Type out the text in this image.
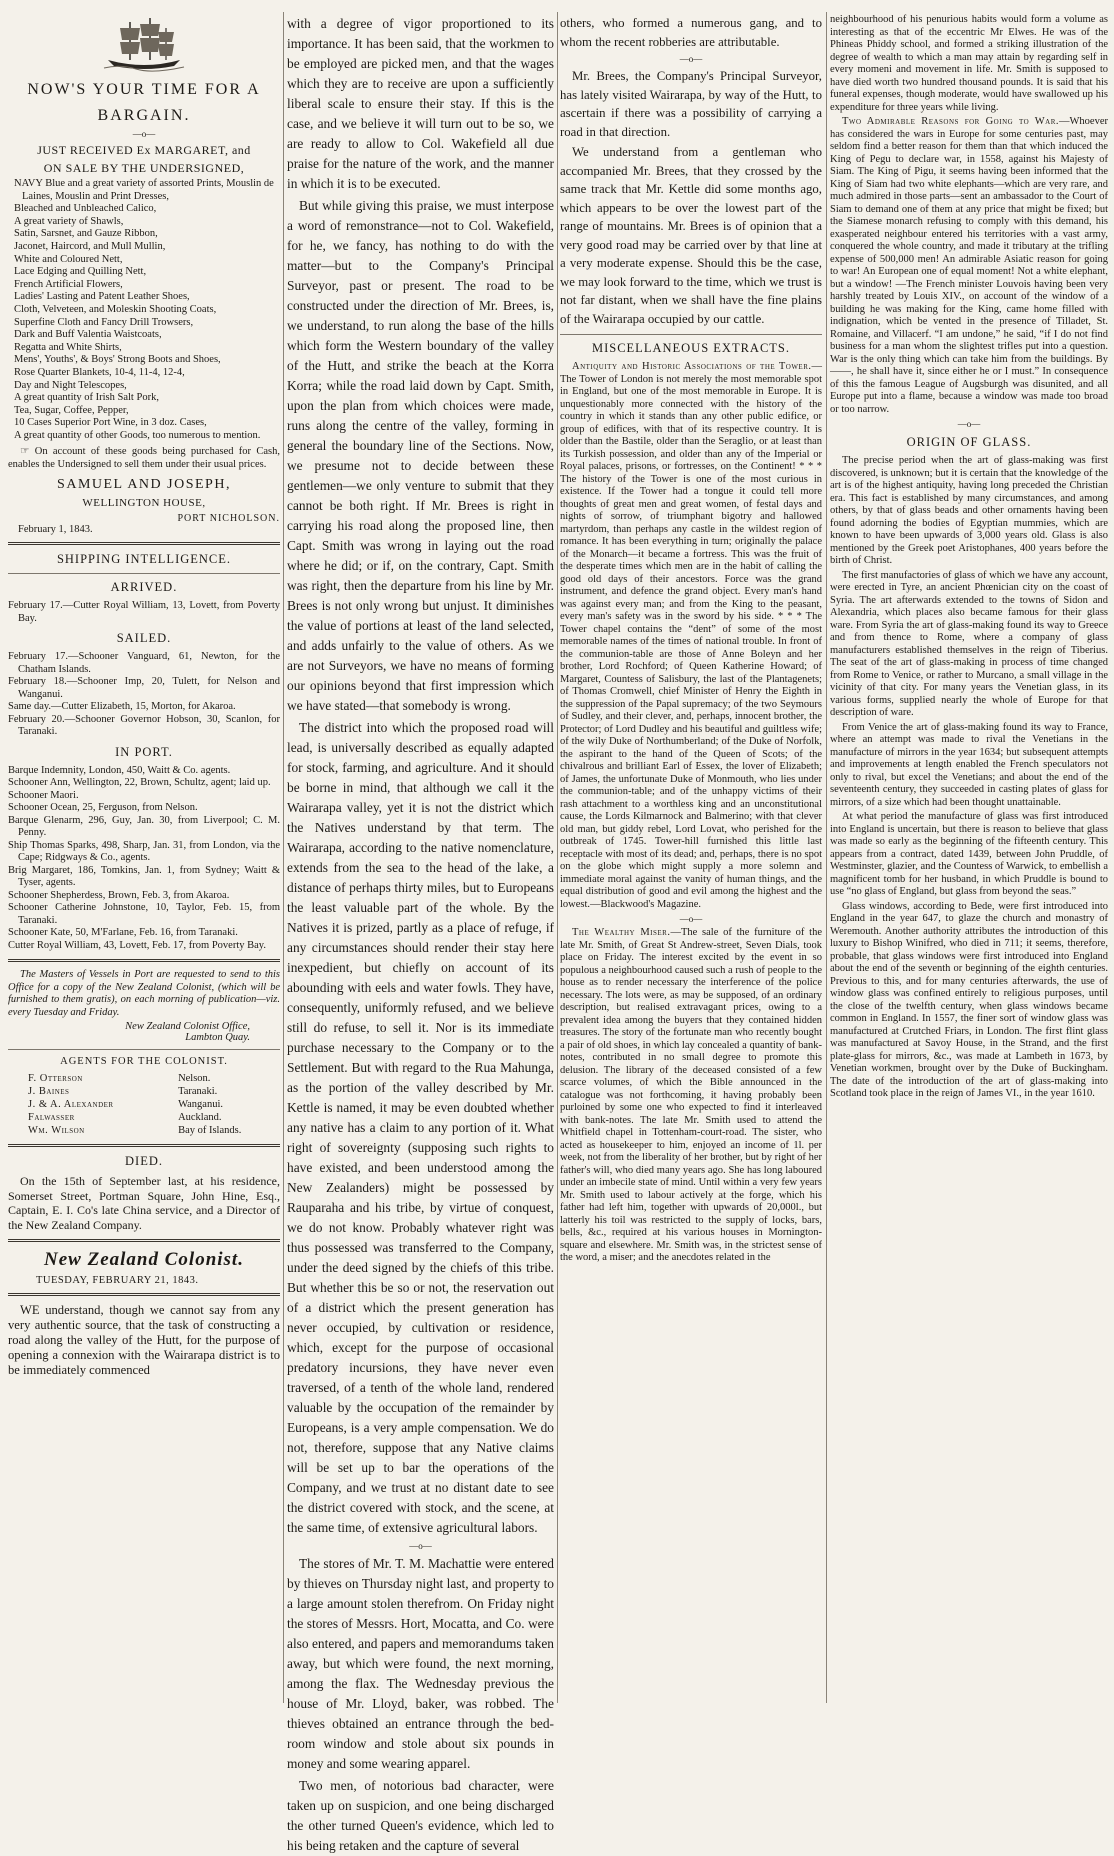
NOW'S YOUR TIME FOR A
BARGAIN.
—o—
JUST RECEIVED Ex MARGARET, and
ON SALE BY THE UNDERSIGNED,
NAVY Blue and a great variety of assorted Prints, Mouslin de Laines, Mouslin and Print Dresses,
Bleached and Unbleached Calico,
A great variety of Shawls,
Satin, Sarsnet, and Gauze Ribbon,
Jaconet, Haircord, and Mull Mullin,
White and Coloured Nett,
Lace Edging and Quilling Nett,
French Artificial Flowers,
Ladies' Lasting and Patent Leather Shoes,
Cloth, Velveteen, and Moleskin Shooting Coats,
Superfine Cloth and Fancy Drill Trowsers,
Dark and Buff Valentia Waistcoats,
Regatta and White Shirts,
Mens', Youths', & Boys' Strong Boots and Shoes,
Rose Quarter Blankets, 10-4, 11-4, 12-4,
Day and Night Telescopes,
A great quantity of Irish Salt Pork,
Tea, Sugar, Coffee, Pepper,
10 Cases Superior Port Wine, in 3 doz. Cases,
A great quantity of other Goods, too numerous to mention.

☞ On account of these goods being purchased for Cash, enables the Undersigned to sell them under their usual prices.

SAMUEL AND JOSEPH,
WELLINGTON HOUSE,
PORT NICHOLSON.
February 1, 1843.
SHIPPING INTELLIGENCE.
ARRIVED.

February 17.—Cutter Royal William, 13, Lovett, from Poverty Bay.

SAILED.

February 17.—Schooner Vanguard, 61, Newton, for the Chatham Islands.

February 18.—Schooner Imp, 20, Tulett, for Nelson and Wanganui.

Same day.—Cutter Elizabeth, 15, Morton, for Akaroa.

February 20.—Schooner Governor Hobson, 30, Scanlon, for Taranaki.

IN PORT.

Barque Indemnity, London, 450, Waitt & Co. agents.

Schooner Ann, Wellington, 22, Brown, Schultz, agent; laid up.

Schooner Maori.

Schooner Ocean, 25, Ferguson, from Nelson.

Barque Glenarm, 296, Guy, Jan. 30, from Liverpool; C. M. Penny.

Ship Thomas Sparks, 498, Sharp, Jan. 31, from London, via the Cape; Ridgways & Co., agents.

Brig Margaret, 186, Tomkins, Jan. 1, from Sydney; Waitt & Tyser, agents.

Schooner Shepherdess, Brown, Feb. 3, from Akaroa.

Schooner Catherine Johnstone, 10, Taylor, Feb. 15, from Taranaki.

Schooner Kate, 50, M'Farlane, Feb. 16, from Taranaki.

Cutter Royal William, 43, Lovett, Feb. 17, from Poverty Bay.

The Masters of Vessels in Port are requested to send to this Office for a copy of the New Zealand Colonist, (which will be furnished to them gratis), on each morning of publication—viz. every Tuesday and Friday.

New Zealand Colonist Office,
Lambton Quay.
AGENTS FOR THE COLONIST.
F. Otterson	Nelson.
J. Baines	Taranaki.
J. & A. Alexander	Wanganui.
Falwasser	Auckland.
Wm. Wilson	Bay of Islands.
DIED.

On the 15th of September last, at his residence, Somerset Street, Portman Square, John Hine, Esq., Captain, E. I. Co's late China service, and a Director of the New Zealand Company.

New Zealand Colonist.
TUESDAY, FEBRUARY 21, 1843.

WE understand, though we cannot say from any very authentic source, that the task of constructing a road along the valley of the Hutt, for the purpose of opening a connexion with the Wairarapa district is to be immediately commenced

with a degree of vigor proportioned to its importance. It has been said, that the workmen to be employed are picked men, and that the wages which they are to receive are upon a sufficiently liberal scale to ensure their stay. If this is the case, and we believe it will turn out to be so, we are ready to allow to Col. Wakefield all due praise for the nature of the work, and the manner in which it is to be executed.

But while giving this praise, we must interpose a word of remonstrance—not to Col. Wakefield, for he, we fancy, has nothing to do with the matter—but to the Company's Principal Surveyor, past or present. The road to be constructed under the direction of Mr. Brees, is, we understand, to run along the base of the hills which form the Western boundary of the valley of the Hutt, and strike the beach at the Korra Korra; while the road laid down by Capt. Smith, upon the plan from which choices were made, runs along the centre of the valley, forming in general the boundary line of the Sections. Now, we presume not to decide between these gentlemen—we only venture to submit that they cannot be both right. If Mr. Brees is right in carrying his road along the proposed line, then Capt. Smith was wrong in laying out the road where he did; or if, on the contrary, Capt. Smith was right, then the departure from his line by Mr. Brees is not only wrong but unjust. It diminishes the value of portions at least of the land selected, and adds unfairly to the value of others. As we are not Surveyors, we have no means of forming our opinions beyond that first impression which we have stated—that somebody is wrong.

The district into which the proposed road will lead, is universally described as equally adapted for stock, farming, and agriculture. And it should be borne in mind, that although we call it the Wairarapa valley, yet it is not the district which the Natives understand by that term. The Wairarapa, according to the native nomenclature, extends from the sea to the head of the lake, a distance of perhaps thirty miles, but to Europeans the least valuable part of the whole. By the Natives it is prized, partly as a place of refuge, if any circumstances should render their stay here inexpedient, but chiefly on account of its abounding with eels and water fowls. They have, consequently, uniformly refused, and we believe still do refuse, to sell it. Nor is its immediate purchase necessary to the Company or to the Settlement. But with regard to the Rua Mahunga, as the portion of the valley described by Mr. Kettle is named, it may be even doubted whether any native has a claim to any portion of it. What right of sovereignty (supposing such rights to have existed, and been understood among the New Zealanders) might be possessed by Rauparaha and his tribe, by virtue of conquest, we do not know. Probably whatever right was thus possessed was transferred to the Company, under the deed signed by the chiefs of this tribe. But whether this be so or not, the reservation out of a district which the present generation has never occupied, by cultivation or residence, which, except for the purpose of occasional predatory incursions, they have never even traversed, of a tenth of the whole land, rendered valuable by the occupation of the remainder by Europeans, is a very ample compensation. We do not, therefore, suppose that any Native claims will be set up to bar the operations of the Company, and we trust at no distant date to see the district covered with stock, and the scene, at the same time, of extensive agricultural labors.

—o—

The stores of Mr. T. M. Machattie were entered by thieves on Thursday night last, and property to a large amount stolen therefrom. On Friday night the stores of Messrs. Hort, Mocatta, and Co. were also entered, and papers and memorandums taken away, but which were found, the next morning, among the flax. The Wednesday previous the house of Mr. Lloyd, baker, was robbed. The thieves obtained an entrance through the bed-room window and stole about six pounds in money and some wearing apparel.

Two men, of notorious bad character, were taken up on suspicion, and one being discharged the other turned Queen's evidence, which led to his being retaken and the capture of several

others, who formed a numerous gang, and to whom the recent robberies are attributable.

—o—

Mr. Brees, the Company's Principal Surveyor, has lately visited Wairarapa, by way of the Hutt, to ascertain if there was a possibility of carrying a road in that direction.

We understand from a gentleman who accompanied Mr. Brees, that they crossed by the same track that Mr. Kettle did some months ago, which appears to be over the lowest part of the range of mountains. Mr. Brees is of opinion that a very good road may be carried over by that line at a very moderate expense. Should this be the case, we may look forward to the time, which we trust is not far distant, when we shall have the fine plains of the Wairarapa occupied by our cattle.

MISCELLANEOUS EXTRACTS.

Antiquity and Historic Associations of the Tower.—The Tower of London is not merely the most memorable spot in England, but one of the most memorable in Europe. It is unquestionably more connected with the history of the country in which it stands than any other public edifice, or group of edifices, with that of its respective country. It is older than the Bastile, older than the Seraglio, or at least than its Turkish possession, and older than any of the Imperial or Royal palaces, prisons, or fortresses, on the Continent! * * * The history of the Tower is one of the most curious in existence. If the Tower had a tongue it could tell more thoughts of great men and great women, of festal days and nights of sorrow, of triumphant bigotry and hallowed martyrdom, than perhaps any castle in the wildest region of romance. It has been everything in turn; originally the palace of the Monarch—it became a fortress. This was the fruit of the desperate times which men are in the habit of calling the good old days of their ancestors. Force was the grand instrument, and defence the grand object. Every man's hand was against every man; and from the King to the peasant, every man's safety was in the sword by his side. * * * The Tower chapel contains the “dent” of some of the most memorable names of the times of national trouble. In front of the communion-table are those of Anne Boleyn and her brother, Lord Rochford; of Queen Katherine Howard; of Margaret, Countess of Salisbury, the last of the Plantagenets; of Thomas Cromwell, chief Minister of Henry the Eighth in the suppression of the Papal supremacy; of the two Seymours of Sudley, and their clever, and, perhaps, innocent brother, the Protector; of Lord Dudley and his beautiful and guiltless wife; of the wily Duke of Northumberland; of the Duke of Norfolk, the aspirant to the hand of the Queen of Scots; of the chivalrous and brilliant Earl of Essex, the lover of Elizabeth; of James, the unfortunate Duke of Monmouth, who lies under the communion-table; and of the unhappy victims of their rash attachment to a worthless king and an unconstitutional cause, the Lords Kilmarnock and Balmerino; with that clever old man, but giddy rebel, Lord Lovat, who perished for the outbreak of 1745. Tower-hill furnished this little last receptacle with most of its dead; and, perhaps, there is no spot on the globe which might supply a more solemn and immediate moral against the vanity of human things, and the equal distribution of good and evil among the highest and the lowest.—Blackwood's Magazine.

—o—

The Wealthy Miser.—The sale of the furniture of the late Mr. Smith, of Great St Andrew-street, Seven Dials, took place on Friday. The interest excited by the event in so populous a neighbourhood caused such a rush of people to the house as to render necessary the interference of the police necessary. The lots were, as may be supposed, of an ordinary description, but realised extravagant prices, owing to a prevalent idea among the buyers that they contained hidden treasures. The story of the fortunate man who recently bought a pair of old shoes, in which lay concealed a quantity of bank-notes, contributed in no small degree to promote this delusion. The library of the deceased consisted of a few scarce volumes, of which the Bible announced in the catalogue was not forthcoming, it having probably been purloined by some one who expected to find it interleaved with bank-notes. The late Mr. Smith used to attend the Whitfield chapel in Tottenham-court-road. The sister, who acted as housekeeper to him, enjoyed an income of 1l. per week, not from the liberality of her brother, but by right of her father's will, who died many years ago. She has long laboured under an imbecile state of mind. Until within a very few years Mr. Smith used to labour actively at the forge, which his father had left him, together with upwards of 20,000l., but latterly his toil was restricted to the supply of locks, bars, bells, &c., required at his various houses in Mornington-square and elsewhere. Mr. Smith was, in the strictest sense of the word, a miser; and the anecdotes related in the

neighbourhood of his penurious habits would form a volume as interesting as that of the eccentric Mr Elwes. He was of the Phineas Phiddy school, and formed a striking illustration of the degree of wealth to which a man may attain by regarding self in every momeni and movement in life. Mr. Smith is supposed to have died worth two hundred thousand pounds. It is said that his funeral expenses, though moderate, would have swallowed up his expenditure for three years while living.

Two Admirable Reasons for Going to War.—Whoever has considered the wars in Europe for some centuries past, may seldom find a better reason for them than that which induced the King of Pegu to declare war, in 1558, against his Majesty of Siam. The King of Pigu, it seems having been informed that the King of Siam had two white elephants—which are very rare, and much admired in those parts—sent an ambassador to the Court of Siam to demand one of them at any price that might be fixed; but the Siamese monarch refusing to comply with this demand, his exasperated neighbour entered his territories with a vast army, conquered the whole country, and made it tributary at the trifling expense of 500,000 men! An admirable Asiatic reason for going to war! An European one of equal moment! Not a white elephant, but a window! —The French minister Louvois having been very harshly treated by Louis XIV., on account of the window of a building he was making for the King, came home filled with indignation, which be vented in the presence of Tilladet, St. Romaine, and Villacerf. “I am undone,” he said, “if I do not find business for a man whom the slightest trifles put into a question. War is the only thing which can take him from the buildings. By ——, he shall have it, since either he or I must.” In consequence of this the famous League of Augsburgh was disunited, and all Europe put into a flame, because a window was made too broad or too narrow.

—o—
ORIGIN OF GLASS.

The precise period when the art of glass-making was first discovered, is unknown; but it is certain that the knowledge of the art is of the highest antiquity, having long preceded the Christian era. This fact is established by many circumstances, and among others, by that of glass beads and other ornaments having been found adorning the bodies of Egyptian mummies, which are known to have been upwards of 3,000 years old. Glass is also mentioned by the Greek poet Aristophanes, 400 years before the birth of Christ.

The first manufactories of glass of which we have any account, were erected in Tyre, an ancient Phœnician city on the coast of Syria. The art afterwards extended to the towns of Sidon and Alexandria, which places also became famous for their glass ware. From Syria the art of glass-making found its way to Greece and from thence to Rome, where a company of glass manufacturers established themselves in the reign of Tiberius. The seat of the art of glass-making in process of time changed from Rome to Venice, or rather to Murcano, a small village in the vicinity of that city. For many years the Venetian glass, in its various forms, supplied nearly the whole of Europe for that description of ware.

From Venice the art of glass-making found its way to France, where an attempt was made to rival the Venetians in the manufacture of mirrors in the year 1634; but subsequent attempts and improvements at length enabled the French speculators not only to rival, but excel the Venetians; and about the end of the seventeenth century, they succeeded in casting plates of glass for mirrors, of a size which had been thought unattainable.

At what period the manufacture of glass was first introduced into England is uncertain, but there is reason to believe that glass was made so early as the beginning of the fifteenth century. This appears from a contract, dated 1439, between John Pruddle, of Westminster, glazier, and the Countess of Warwick, to embellish a magnificent tomb for her husband, in which Pruddle is bound to use “no glass of England, but glass from beyond the seas.”

Glass windows, according to Bede, were first introduced into England in the year 647, to glaze the church and monastry of Weremouth. Another authority attributes the introduction of this luxury to Bishop Winifred, who died in 711; it seems, therefore, probable, that glass windows were first introduced into England about the end of the seventh or beginning of the eighth centuries. Previous to this, and for many centuries afterwards, the use of window glass was confined entirely to religious purposes, until the close of the twelfth century, when glass windows became common in England. In 1557, the finer sort of window glass was manufactured at Crutched Friars, in London. The first flint glass was manufactured at Savoy House, in the Strand, and the first plate-glass for mirrors, &c., was made at Lambeth in 1673, by Venetian workmen, brought over by the Duke of Buckingham. The date of the introduction of the art of glass-making into Scotland took place in the reign of James VI., in the year 1610.
